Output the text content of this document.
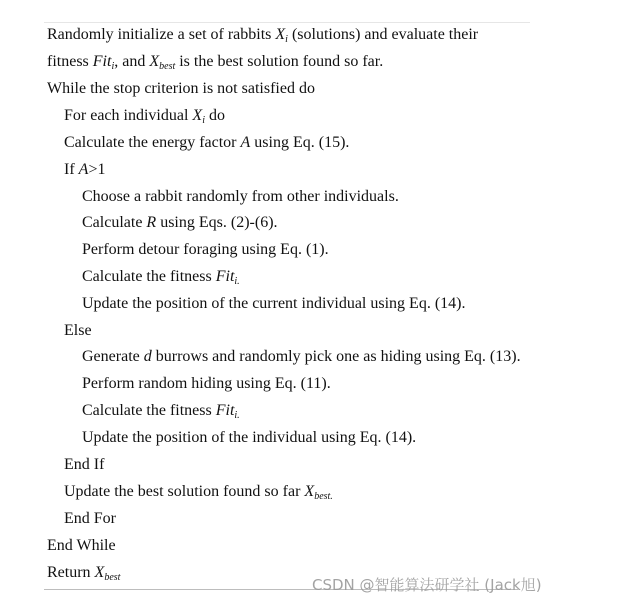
Randomly initialize a set of rabbits $X_i$ (solutions) and evaluate their
fitness Fit$_i$, and $X_{best}$ is the best solution found so far.
While the stop criterion is not satisfied do
For each individual $X_i$ do
Calculate the energy factor A using Eq. (15).
If A>1
Choose a rabbit randomly from other individuals.
Calculate R using Eqs. (2)-(6).
Perform detour foraging using Eq. (1).
Calculate the fitness Fit$_{i.}$
Update the position of the current individual using Eq. (14).
Else
Generate d burrows and randomly pick one as hiding using Eq. (13).
Perform random hiding using Eq. (11).
Calculate the fitness Fit$_{i.}$
Update the position of the individual using Eq. (14).
End If
Update the best solution found so far $X_{best.}$
End For
End While
Return $X_{best}$	CSDN @智能算法研学社 (Jack旭)
